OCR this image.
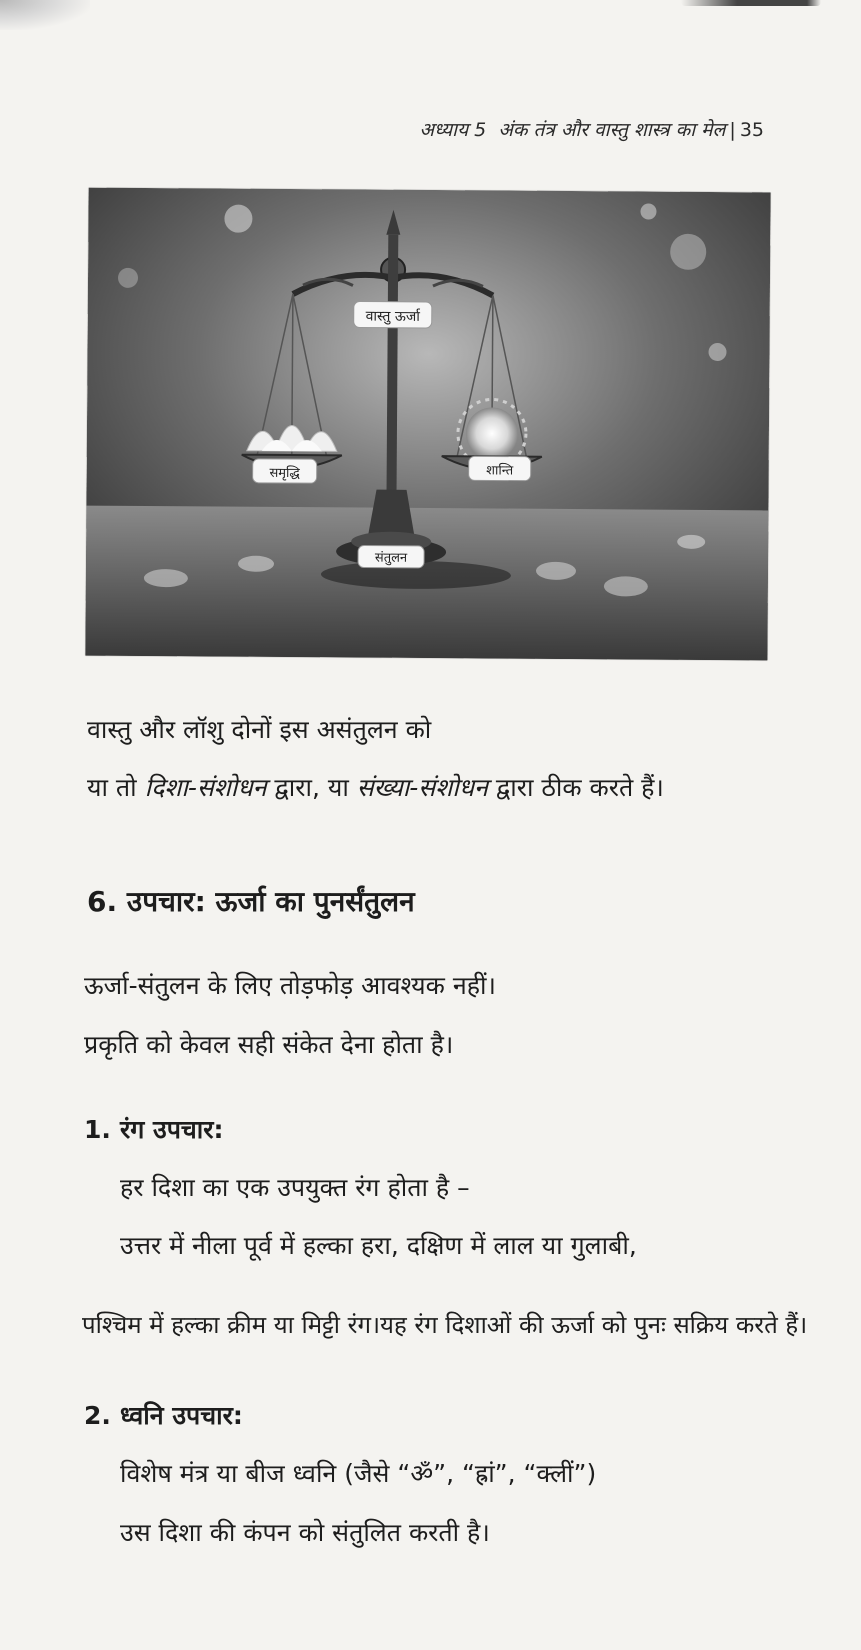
अध्याय 5 अंक तंत्र और वास्तु शास्त्र का मेल | 35
वास्तु ऊर्जा
समृद्धि	शान्ति
संतुलन
वास्तु और लॉशु दोनों इस असंतुलन को
या तो दिशा-संशोधन द्वारा, या संख्या-संशोधन द्वारा ठीक करते हैं।
6. उपचार: ऊर्जा का पुनर्संतुलन
ऊर्जा-संतुलन के लिए तोड़फोड़ आवश्यक नहीं।
प्रकृति को केवल सही संकेत देना होता है।
1. रंग उपचार:
हर दिशा का एक उपयुक्त रंग होता है –
उत्तर में नीला पूर्व में हल्का हरा, दक्षिण में लाल या गुलाबी,
पश्चिम में हल्का क्रीम या मिट्टी रंग।यह रंग दिशाओं की ऊर्जा को पुनः सक्रिय करते हैं।
2. ध्वनि उपचार:
विशेष मंत्र या बीज ध्वनि (जैसे “ॐ”, “ह्रां”, “क्लीं”)
उस दिशा की कंपन को संतुलित करती है।
